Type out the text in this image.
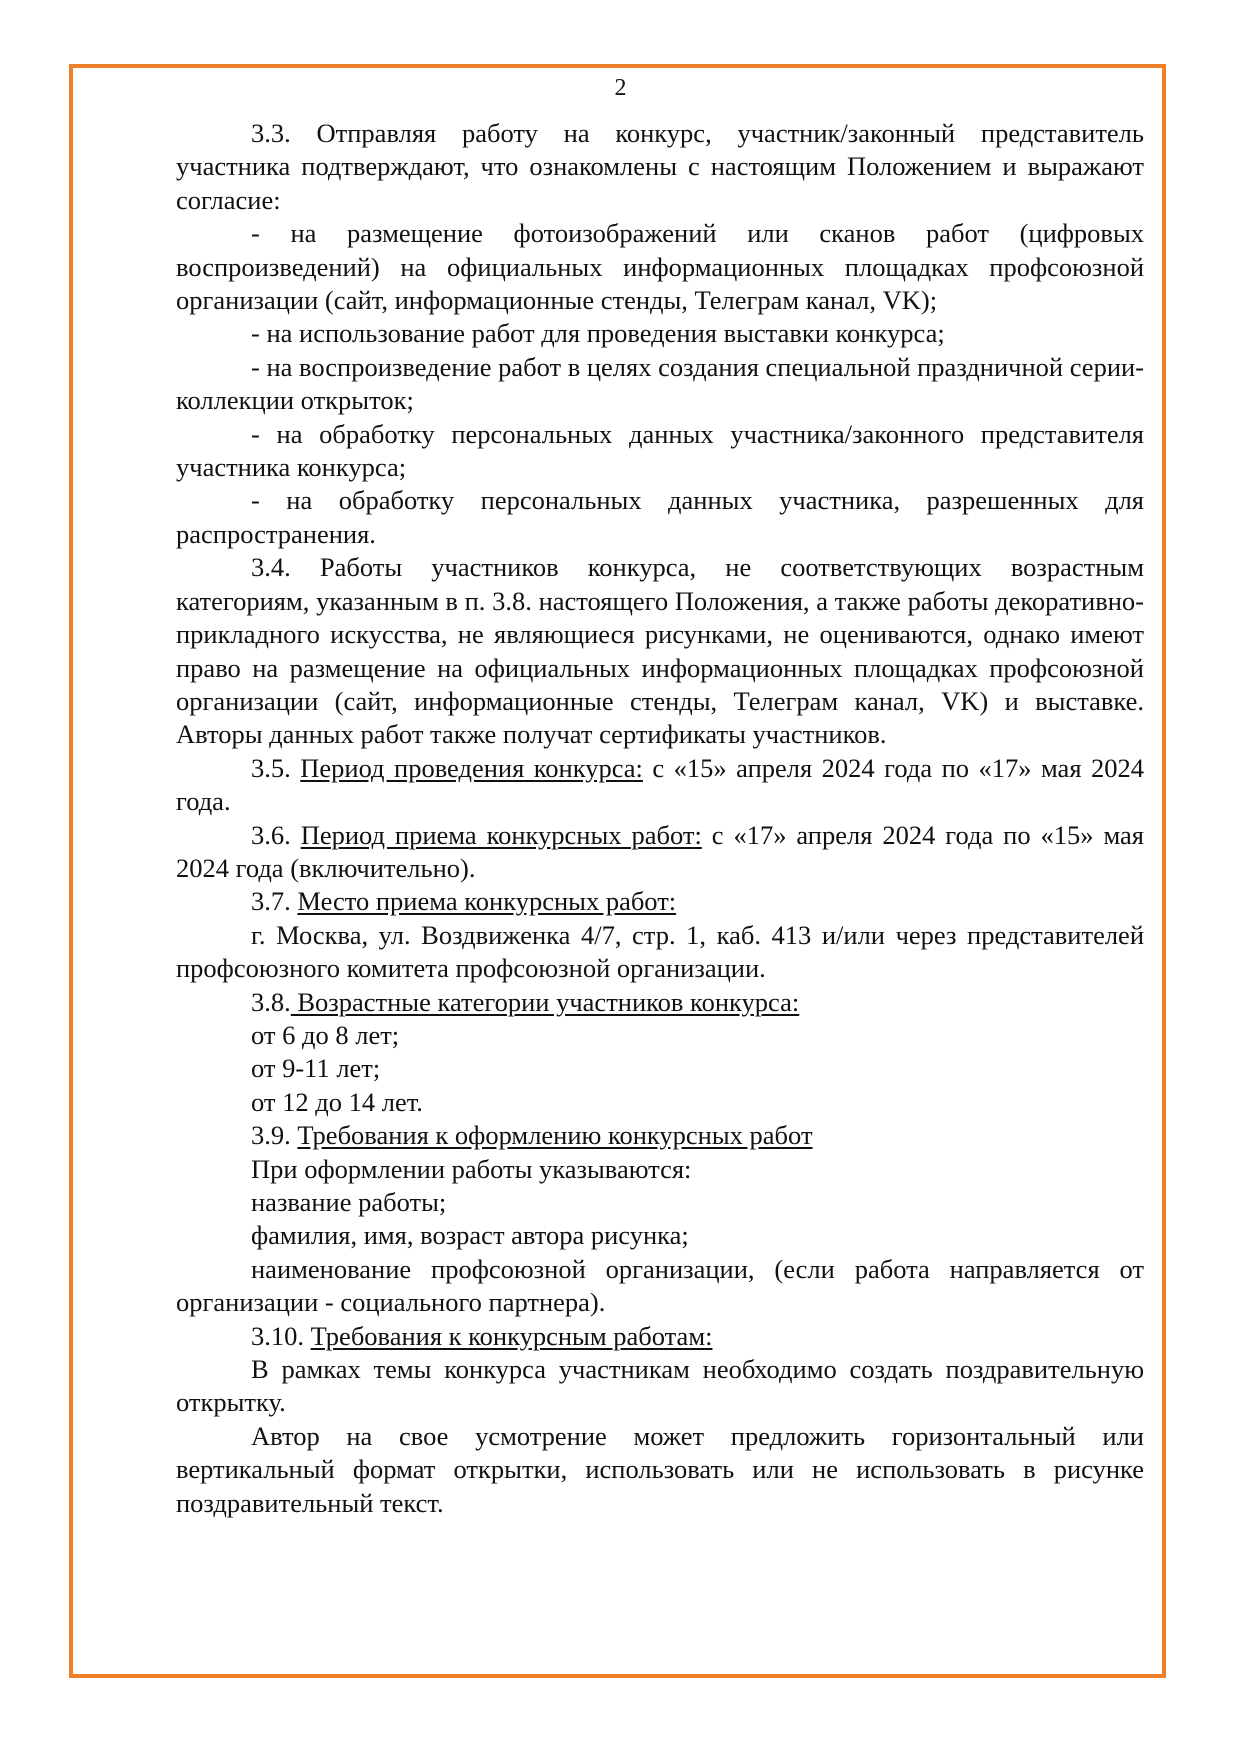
2

3.3. Отправляя работу на конкурс, участник/законный представитель участника подтверждают, что ознакомлены с настоящим Положением и выражают согласие:

- на размещение фотоизображений или сканов работ (цифровых воспроизведений) на официальных информационных площадках профсоюзной организации (сайт, информационные стенды, Телеграм канал, VK);

- на использование работ для проведения выставки конкурса;

- на воспроизведение работ в целях создания специальной праздничной серии-коллекции открыток;

- на обработку персональных данных участника/законного представителя участника конкурса;

- на обработку персональных данных участника, разрешенных для распространения.

3.4. Работы участников конкурса, не соответствующих возрастным категориям, указанным в п. 3.8. настоящего Положения, а также работы декоративно-прикладного искусства, не являющиеся рисунками, не оцениваются, однако имеют право на размещение на официальных информационных площадках профсоюзной организации (сайт, информационные стенды, Телеграм канал, VK) и выставке. Авторы данных работ также получат сертификаты участников.

3.5. Период проведения конкурса: с «15» апреля 2024 года по «17» мая 2024 года.

3.6. Период приема конкурсных работ: с «17» апреля 2024 года по «15» мая 2024 года (включительно).

3.7. Место приема конкурсных работ:

г. Москва, ул. Воздвиженка 4/7, стр. 1, каб. 413 и/или через представителей профсоюзного комитета профсоюзной организации.

3.8. Возрастные категории участников конкурса:

от 6 до 8 лет;

от 9-11 лет;

от 12 до 14 лет.

3.9. Требования к оформлению конкурсных работ

При оформлении работы указываются:

название работы;

фамилия, имя, возраст автора рисунка;

наименование профсоюзной организации, (если работа направляется от организации - социального партнера).

3.10. Требования к конкурсным работам:

В рамках темы конкурса участникам необходимо создать поздравительную открытку.

Автор на свое усмотрение может предложить горизонтальный или вертикальный формат открытки, использовать или не использовать в рисунке поздравительный текст.
